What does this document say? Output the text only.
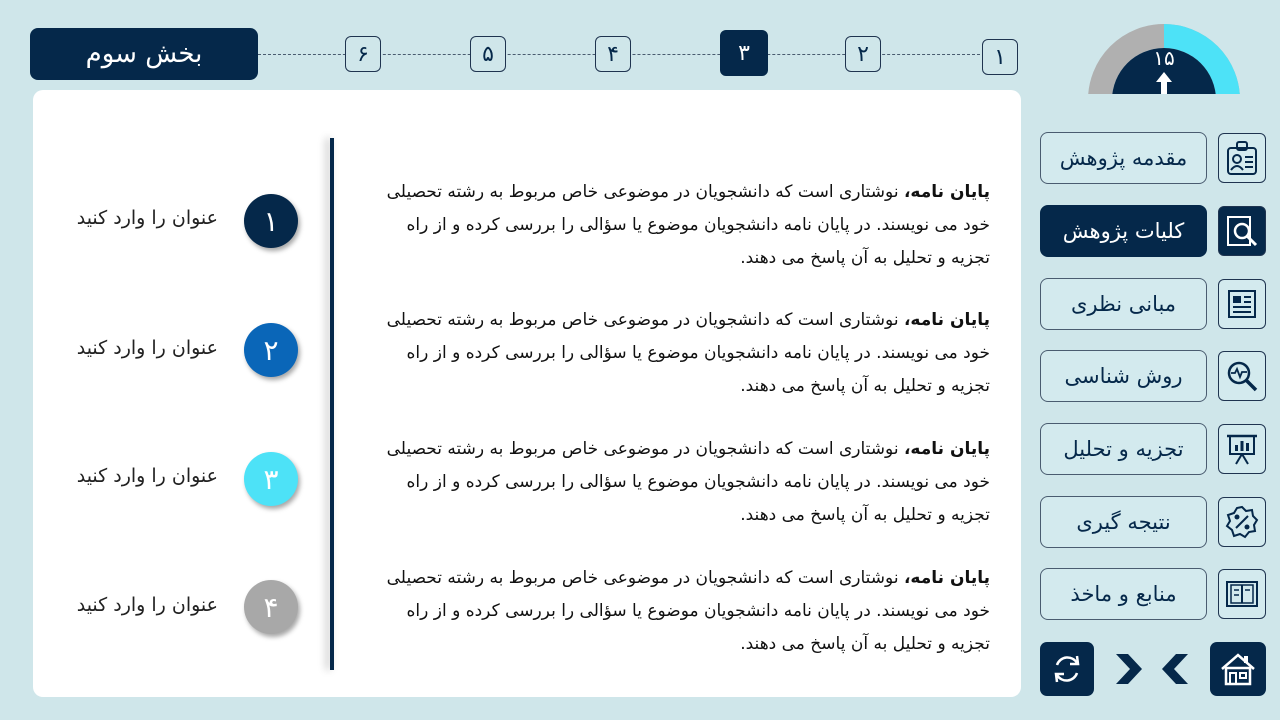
بخش سوم	۶	۵	۴	۳	۲	۱	۱۵
پایان نامه، نوشتاری است که دانشجویان در موضوعی خاص مربوط به رشته تحصیلی خود می نویسند. در پایان نامه دانشجویان موضوع یا سؤالی را بررسی کرده و از راه تجزیه و تحلیل به آن پاسخ می دهند.
پایان نامه، نوشتاری است که دانشجویان در موضوعی خاص مربوط به رشته تحصیلی خود می نویسند. در پایان نامه دانشجویان موضوع یا سؤالی را بررسی کرده و از راه تجزیه و تحلیل به آن پاسخ می دهند.
پایان نامه، نوشتاری است که دانشجویان در موضوعی خاص مربوط به رشته تحصیلی خود می نویسند. در پایان نامه دانشجویان موضوع یا سؤالی را بررسی کرده و از راه تجزیه و تحلیل به آن پاسخ می دهند.
پایان نامه، نوشتاری است که دانشجویان در موضوعی خاص مربوط به رشته تحصیلی خود می نویسند. در پایان نامه دانشجویان موضوع یا سؤالی را بررسی کرده و از راه تجزیه و تحلیل به آن پاسخ می دهند.
۱
عنوان را وارد کنید
۲
عنوان را وارد کنید
۳
عنوان را وارد کنید
۴
عنوان را وارد کنید
مقدمه پژوهش
کلیات پژوهش
مبانی نظری
روش شناسی
تجزیه و تحلیل
نتیجه گیری
منابع و ماخذ
